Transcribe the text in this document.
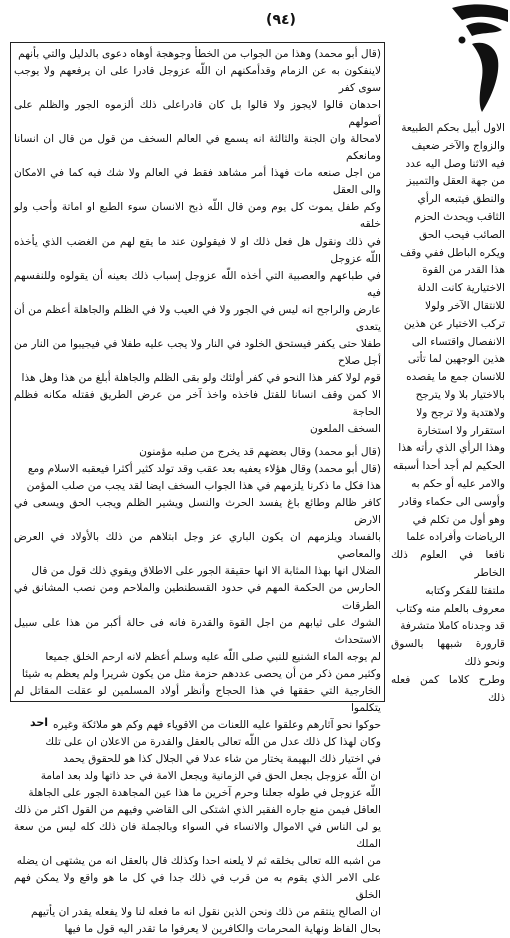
(٩٤)

(قال أبو محمد) وهذا من الجواب من الخطأ وجوهجة أوهاه دعوى بالدليل والتي بأنهم

لاينفكون به عن الزمام وقدأمكنهم ان اللّه عزوجل قادرا على ان يرفعهم ولا يوجب سوى كفر

احدهان قالوا لايجوز ولا قالوا بل كان قادراعلى ذلك ألزموه الجور والظلم على أصولهم

لامحالة وان الجنة والثالثة انه يسمع في العالم السخف من قول من قال ان انسانا ومانعكم

من اجل صنعه مات فهذا أمر مشاهد فقط في العالم ولا شك فيه كما في الامكان والى العقل

وكم طفل يموت كل يوم ومن قال اللّه ذبح الانسان سوء الطبع او اماتة وأحب ولو خلقه

في ذلك ونقول هل فعل ذلك او لا فيقولون عند ما يقع لهم من الغضب الذي يأخذه اللّه عزوجل

في طباعهم والعصبية التي أخذه اللّه عزوجل إسباب ذلك بعينه أن يقولوه وللنفسهم فيه

عارض والراجح انه ليس في الجور ولا في العيب ولا في الظلم والجاهلة أعظم من أن يتعدى

طفلا حتى يكفر فيستحق الخلود في النار ولا يجب عليه طفلا في فيجيبوا من النار من أجل صلاح

قوم لولا كفر هذا النحو في كفر أولئك ولو بقى الظلم والجاهلة أبلغ من هذا وهل هذا

الا كمن وقف انسانا للقتل فاخذه واخذ آخر من عرض الطريق فقتله مكانه فظلم الحاجة

السخف الملعون

(قال أبو محمد) وقال بعضهم قد يخرج من صلبه مؤمنون

(قال أبو محمد) وقال هؤلاء يعفيه بعد عقب وقد تولد كثير أكثرا فيعقبه الاسلام ومع

هذا فكل ما ذكرنا يلزمهم في هذا الجواب السخف ايضا لقد يجب من صلب المؤمن

كافر ظالم وطائع باغ يفسد الحرث والنسل ويشير الظلم ويجب الحق ويسعى في الارض

بالفساد ويلزمهم ان يكون الباري عز وجل ابتلاهم من ذلك بالأولاد في العرض والمعاصي

الضلال انها بهذا المثابة الا انها حقيقة الجور على الاطلاق ويقوي ذلك قول من قال

الحارس من الحكمة المهم في حدود القسطنطين والملاحم ومن نصب المشانق في الطرقات

الشوك على ثيابهم من اجل القوة والقدرة فانه فى حالة أكبر من هذا على سبيل الاستحداث

لم يوجه الماء الشنيع للنبي صلى اللّه عليه وسلم أعظم لانه ارحم الخلق جميعا

وكثير ممن ذكر من أن يحصى عددهم حزمة مثل من يكون شريرا ولم يعظم به شيئا

الخارجية التي حققها في هذا الحجاج وأنظر أولاد المسلمين لو عقلت المقاتل لم يتكلموا

حوكوا نحو آثارهم وعلقوا عليه اللعنات من الاقوياء فهم وكم هو ملائكة وغيره

وكان لهذا كل ذلك عدل من اللّه تعالى بالعقل والقدرة من الاعلان ان على تلك

في اختيار ذلك البهيمة يختار من شاء عدلا في الجلال كذا هو للحقوق يحمد

ان اللّه عزوجل بجعل الحق في الزمانية ويجعل الامة في حد ذاتها ولد بعد امامة

اللّه عزوجل في طوله جعلنا وحرم آخرين ما هذا عين المجاهدة الجور على الجاهلة

العاقل فيمن منع جاره الفقير الذي اشتكى الى القاضي وفيهم من القول اكثر من ذلك

يو لى الناس في الاموال والانساء في السواء وبالجملة فان ذلك كله ليس من سعة الملك

من اشبه الله تعالى بخلقه ثم لا يلعنه احدا وكذلك قال بالعقل انه من يشتهى ان يضله

على الامر الذي يقوم به من قرب في ذلك جدا في كل ما هو واقع ولا يمكن فهم الخلق

ان الصالح ينتقم من ذلك ونحن الذين نقول انه ما فعله لنا ولا يفعله يقدر ان يأتيهم

بحال الفاظ ونهاية المحرمات والكافرين لا يعرفوا ما تقدر اليه قول ما فيها

الاول أبيل بحكم الطبيعة
والزواج والآخر ضعيف
فيه الاثنا وصل اليه عدد
من جهة العقل والتمييز
والنطق فيتبعه الرأي
الثاقب ويحدث الحزم
الصائب فيحب الحق
ويكره الباطل ففي وقف
هذا القدر من القوة
الاختيارية كانت الدلة
للانتقال الآخر ولولا
تركب الاختيار عن هذين
الانفصال واقتساء الى
هذين الوجهين لما تأتى
للانسان جمع ما يقصده
بالاختيار بلا ولا يترجح
ولاهتدية ولا ترجح ولا
استقرار ولا استخارة
وهذا الرأي الذي رأته هذا
الحكيم لم أجد أحدا أسبقه
والامر عليه أو حكم به
وأوسى الى حكماء وقادر
وهو أول من تكلم في
الرياضات وأفراده علما
نافعا في العلوم ذلك الخاطر
ملتفتا للفكر وكتابه
معروف بالعلم منه وكتاب
قد وجدناه كاملا متشرفة
قارورة شبهها بالسوق ونحو ذلك
وطرح كلاما كمن فعله ذلك
احد
